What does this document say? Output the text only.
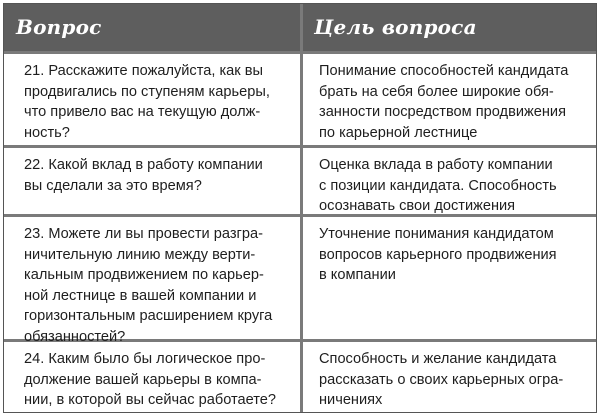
Вопрос	Цель вопроса
21. Расскажите пожалуйста, как вы
продвигались по ступеням карьеры,
что привело вас на текущую долж-
ность?
Понимание способностей кандидата
брать на себя более широкие обя-
занности посредством продвижения
по карьерной лестнице
22. Какой вклад в работу компании
вы сделали за это время?
Оценка вклада в работу компании
с позиции кандидата. Способность
осознавать свои достижения
23. Можете ли вы провести разгра-
ничительную линию между верти-
кальным продвижением по карьер-
ной лестнице в вашей компании и
горизонтальным расширением круга
обязанностей?
Уточнение понимания кандидатом
вопросов карьерного продвижения
в компании
24. Каким было бы логическое про-
должение вашей карьеры в компа-
нии, в которой вы сейчас работаете?
Способность и желание кандидата
рассказать о своих карьерных огра-
ничениях
